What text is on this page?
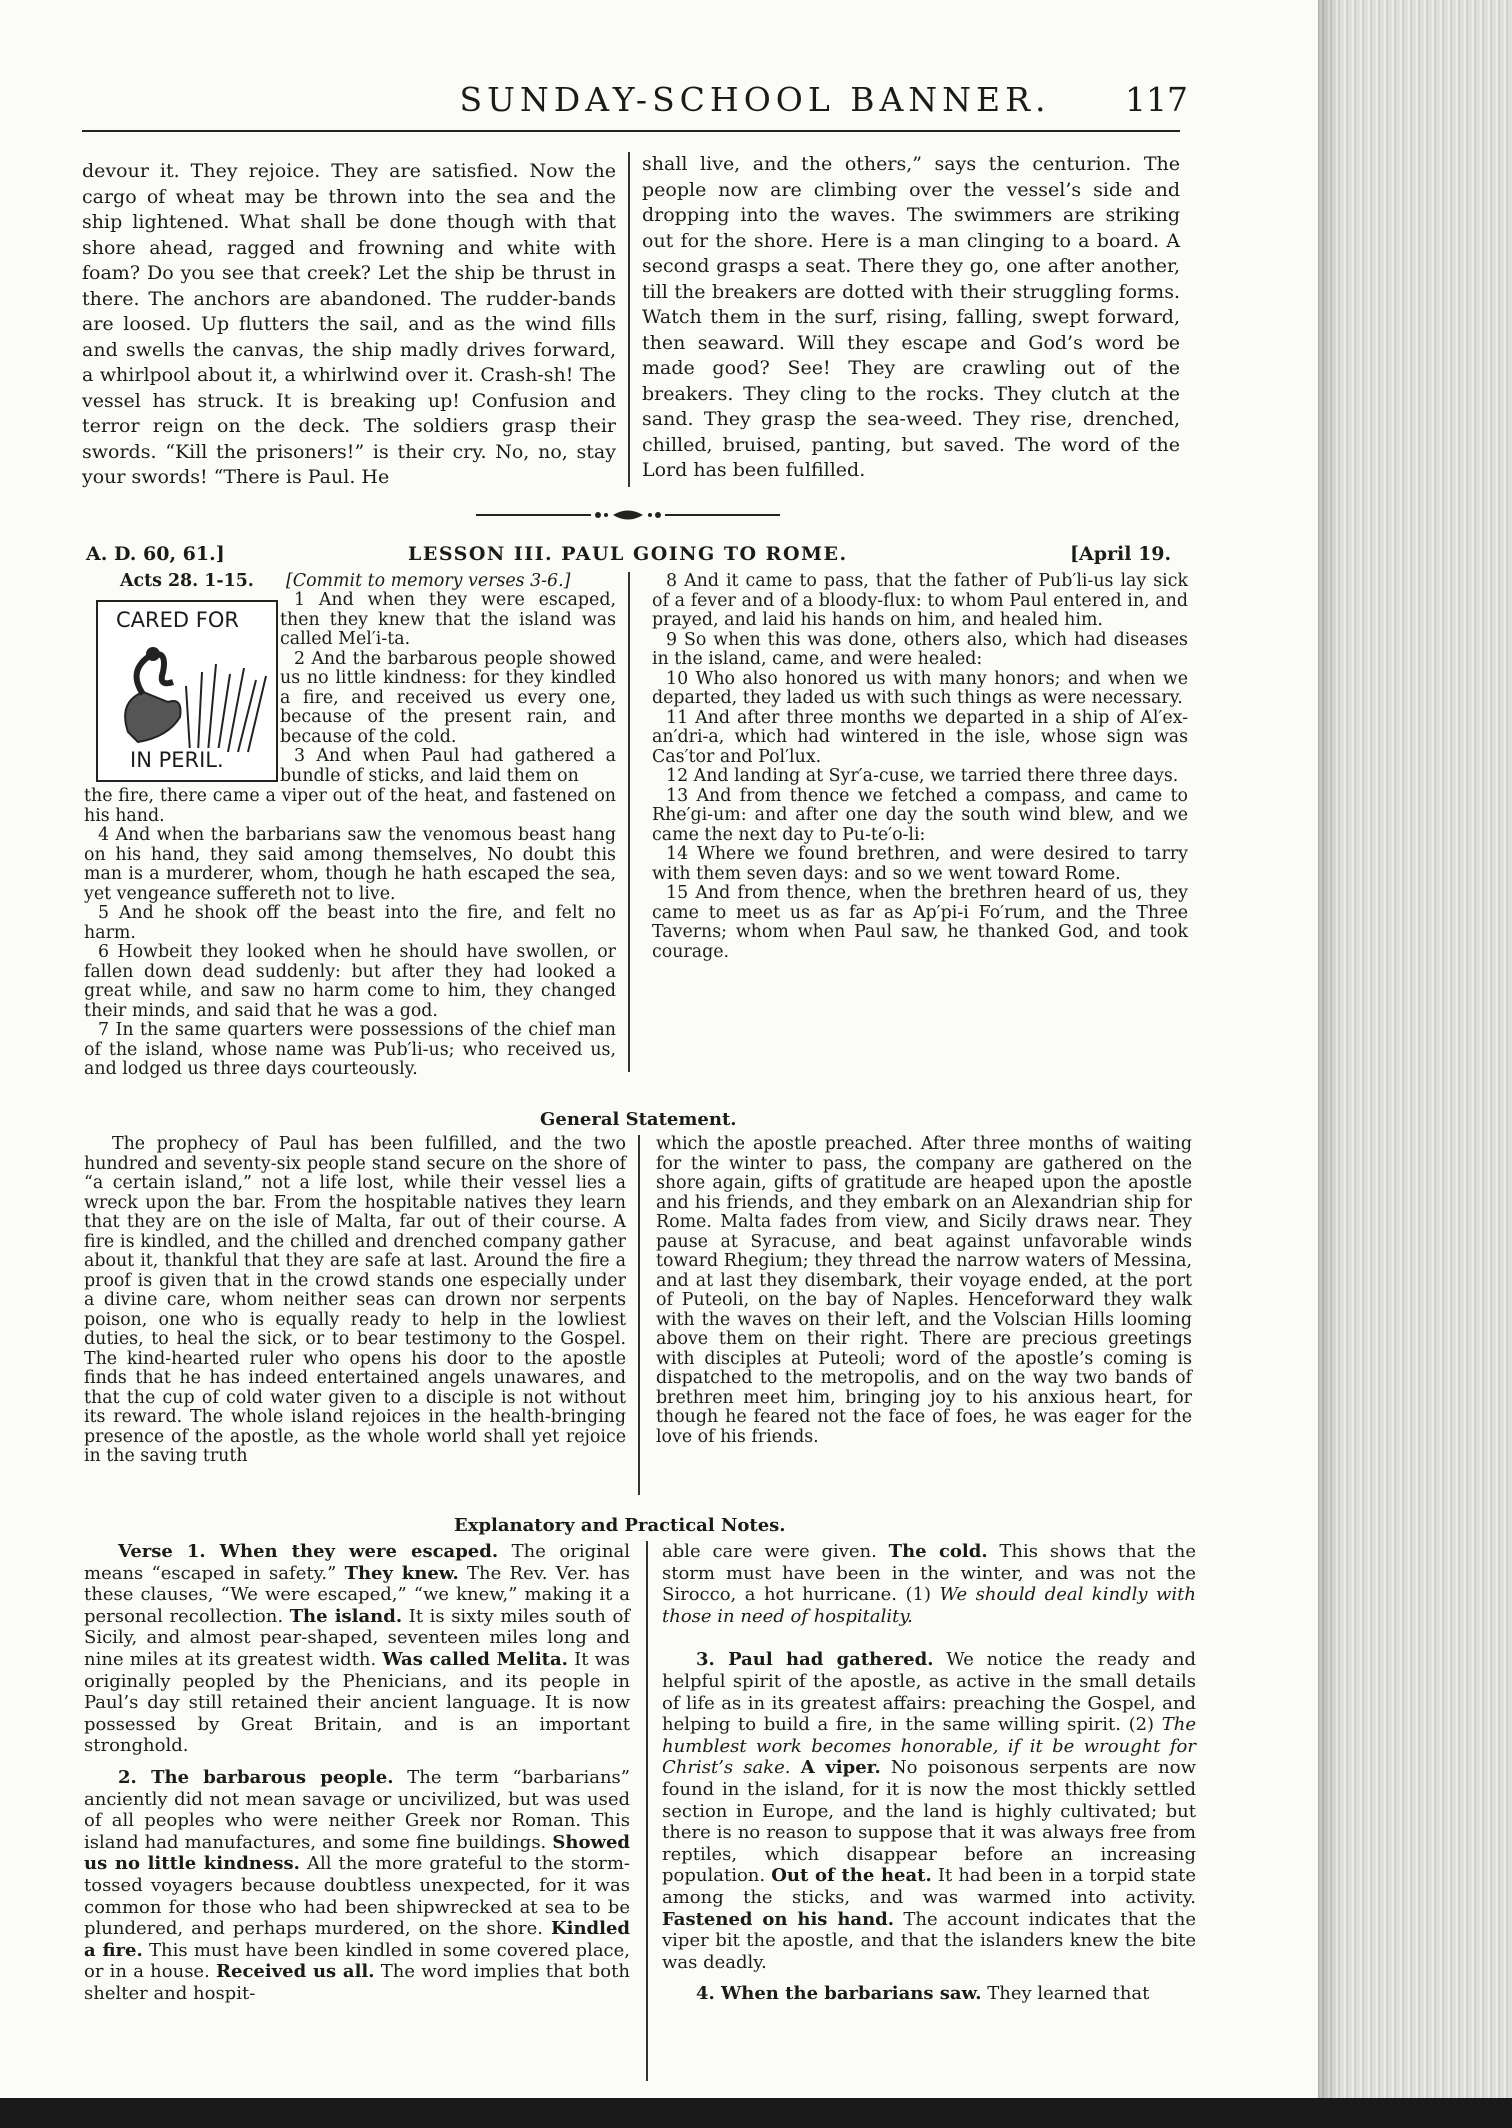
SUNDAY-SCHOOL BANNER.	117

devour it. They rejoice. They are satisfied. Now the cargo of wheat may be thrown into the sea and the ship lightened. What shall be done though with that shore ahead, ragged and frowning and white with foam? Do you see that creek? Let the ship be thrust in there. The anchors are abandoned. The rudder-bands are loosed. Up flutters the sail, and as the wind fills and swells the canvas, the ship madly drives forward, a whirlpool about it, a whirlwind over it. Crash-sh! The vessel has struck. It is breaking up! Confusion and terror reign on the deck. The soldiers grasp their swords. “Kill the prisoners!” is their cry. No, no, stay your swords! “There is Paul. He

shall live, and the others,” says the centurion. The people now are climbing over the vessel’s side and dropping into the waves. The swimmers are striking out for the shore. Here is a man clinging to a board. A second grasps a seat. There they go, one after another, till the breakers are dotted with their struggling forms. Watch them in the surf, rising, falling, swept forward, then seaward. Will they escape and God’s word be made good? See! They are crawling out of the breakers. They cling to the rocks. They clutch at the sand. They grasp the sea-weed. They rise, drenched, chilled, bruised, panting, but saved. The word of the Lord has been fulfilled.

A. D. 60, 61.]	LESSON III. PAUL GOING TO ROME.	[April 19.
Acts 28. 1-15. [Commit to memory verses 3-6.]
CARED FOR
IN PERIL.

1 And when they were escaped, then they knew that the island was called Mel′i-ta.

2 And the barbarous people showed us no little kindness: for they kindled a fire, and received us every one, because of the present rain, and because of the cold.

3 And when Paul had gathered a bundle of sticks, and laid them on

the fire, there came a viper out of the heat, and fastened on his hand.

4 And when the barbarians saw the venomous beast hang on his hand, they said among themselves, No doubt this man is a murderer, whom, though he hath escaped the sea, yet vengeance suffereth not to live.

5 And he shook off the beast into the fire, and felt no harm.

6 Howbeit they looked when he should have swollen, or fallen down dead suddenly: but after they had looked a great while, and saw no harm come to him, they changed their minds, and said that he was a god.

7 In the same quarters were possessions of the chief man of the island, whose name was Pub′li-us; who received us, and lodged us three days courteously.

8 And it came to pass, that the father of Pub′li-us lay sick of a fever and of a bloody-flux: to whom Paul entered in, and prayed, and laid his hands on him, and healed him.

9 So when this was done, others also, which had diseases in the island, came, and were healed:

10 Who also honored us with many honors; and when we departed, they laded us with such things as were necessary.

11 And after three months we departed in a ship of Al′ex-an′dri-a, which had wintered in the isle, whose sign was Cas′tor and Pol′lux.

12 And landing at Syr′a-cuse, we tarried there three days.

13 And from thence we fetched a compass, and came to Rhe′gi-um: and after one day the south wind blew, and we came the next day to Pu-te′o-li:

14 Where we found brethren, and were desired to tarry with them seven days: and so we went toward Rome.

15 And from thence, when the brethren heard of us, they came to meet us as far as Ap′pi-i Fo′rum, and the Three Taverns; whom when Paul saw, he thanked God, and took courage.

General Statement.

The prophecy of Paul has been fulfilled, and the two hundred and seventy-six people stand secure on the shore of “a certain island,” not a life lost, while their vessel lies a wreck upon the bar. From the hospitable natives they learn that they are on the isle of Malta, far out of their course. A fire is kindled, and the chilled and drenched company gather about it, thankful that they are safe at last. Around the fire a proof is given that in the crowd stands one especially under a divine care, whom neither seas can drown nor serpents poison, one who is equally ready to help in the lowliest duties, to heal the sick, or to bear testimony to the Gospel. The kind-hearted ruler who opens his door to the apostle finds that he has indeed entertained angels unawares, and that the cup of cold water given to a disciple is not without its reward. The whole island rejoices in the health-bringing presence of the apostle, as the whole world shall yet rejoice in the saving truth

which the apostle preached. After three months of waiting for the winter to pass, the company are gathered on the shore again, gifts of gratitude are heaped upon the apostle and his friends, and they embark on an Alexandrian ship for Rome. Malta fades from view, and Sicily draws near. They pause at Syracuse, and beat against unfavorable winds toward Rhegium; they thread the narrow waters of Messina, and at last they disembark, their voyage ended, at the port of Puteoli, on the bay of Naples. Henceforward they walk with the waves on their left, and the Volscian Hills looming above them on their right. There are precious greetings with disciples at Puteoli; word of the apostle’s coming is dispatched to the metropolis, and on the way two bands of brethren meet him, bringing joy to his anxious heart, for though he feared not the face of foes, he was eager for the love of his friends.

Explanatory and Practical Notes.

Verse 1. When they were escaped. The original means “escaped in safety.” They knew. The Rev. Ver. has these clauses, “We were escaped,” “we knew,” making it a personal recollection. The island. It is sixty miles south of Sicily, and almost pear-shaped, seventeen miles long and nine miles at its greatest width. Was called Melita. It was originally peopled by the Phenicians, and its people in Paul’s day still retained their ancient language. It is now possessed by Great Britain, and is an important stronghold.

2. The barbarous people. The term “barbarians” anciently did not mean savage or uncivilized, but was used of all peoples who were neither Greek nor Roman. This island had manufactures, and some fine buildings. Showed us no little kindness. All the more grateful to the storm-tossed voyagers because doubtless unexpected, for it was common for those who had been shipwrecked at sea to be plundered, and perhaps murdered, on the shore. Kindled a fire. This must have been kindled in some covered place, or in a house. Received us all. The word implies that both shelter and hospit-

able care were given. The cold. This shows that the storm must have been in the winter, and was not the Sirocco, a hot hurricane. (1) We should deal kindly with those in need of hospitality.

3. Paul had gathered. We notice the ready and helpful spirit of the apostle, as active in the small details of life as in its greatest affairs: preaching the Gospel, and helping to build a fire, in the same willing spirit. (2) The humblest work becomes honorable, if it be wrought for Christ’s sake. A viper. No poisonous serpents are now found in the island, for it is now the most thickly settled section in Europe, and the land is highly cultivated; but there is no reason to suppose that it was always free from reptiles, which disappear before an increasing population. Out of the heat. It had been in a torpid state among the sticks, and was warmed into activity. Fastened on his hand. The account indicates that the viper bit the apostle, and that the islanders knew the bite was deadly.

4. When the barbarians saw. They learned that
